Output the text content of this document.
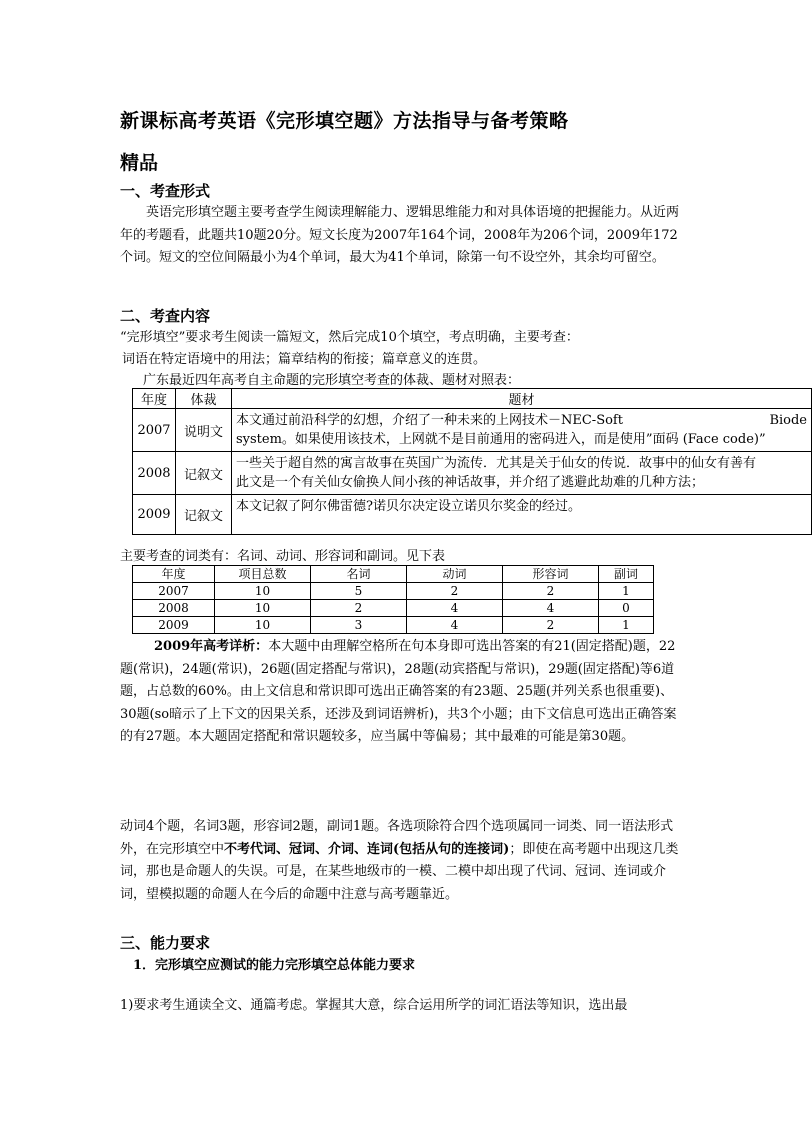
新课标高考英语《完形填空题》方法指导与备考策略
精品
一、考查形式
英语完形填空题主要考查学生阅读理解能力、逻辑思维能力和对具体语境的把握能力。从近两年的考题看，此题共10题20分。短文长度为2007年164个词，2008年为206个词，2009年172个词。短文的空位间隔最小为4个单词，最大为41个单词，除第一句不设空外，其余均可留空。
二、考查内容
“完形填空”要求考生阅读一篇短文，然后完成10个填空，考点明确，主要考查：
词语在特定语境中的用法；篇章结构的衔接；篇章意义的连贯。
广东最近四年高考自主命题的完形填空考查的体裁、题材对照表：
年度	体裁	题材
2007	说明文	本文通过前沿科学的幻想，介绍了一种未来的上网技术－NEC-Soft Biode
system。如果使用该技术，上网就不是目前通用的密码进入，而是使用”面码 (Face code)”

2008	记叙文	一些关于超自然的寓言故事在英国广为流传．尤其是关于仙女的传说．故事中的仙女有善有
此文是一个有关仙女偷换人间小孩的神话故事，并介绍了逃避此劫难的几种方法；

2009	记叙文	本文记叙了阿尔佛雷德?诺贝尔决定设立诺贝尔奖金的经过。
主要考查的词类有：名词、动词、形容词和副词。见下表
年度	项目总数	名词	动词	形容词	副词
2007	10	5	2	2	1
2008	10	2	4	4	0
2009	10	3	4	2	1
2009年高考详析：本大题中由理解空格所在句本身即可选出答案的有21(固定搭配)题，22题(常识)，24题(常识)，26题(固定搭配与常识)，28题(动宾搭配与常识)，29题(固定搭配)等6道题，占总数的60%。由上文信息和常识即可选出正确答案的有23题、25题(并列关系也很重要)、30题(so暗示了上下文的因果关系，还涉及到词语辨析)，共3个小题；由下文信息可选出正确答案的有27题。本大题固定搭配和常识题较多，应当属中等偏易；其中最难的可能是第30题。
动词4个题，名词3题，形容词2题，副词1题。各选项除符合四个选项属同一词类、同一语法形式外，在完形填空中不考代词、冠词、介词、连词(包括从句的连接词)；即使在高考题中出现这几类词，那也是命题人的失误。可是，在某些地级市的一模、二模中却出现了代词、冠词、连词或介词，望模拟题的命题人在今后的命题中注意与高考题靠近。
三、能力要求
1．完形填空应测试的能力完形填空总体能力要求
1)要求考生通读全文、通篇考虑。掌握其大意，综合运用所学的词汇语法等知识，选出最
